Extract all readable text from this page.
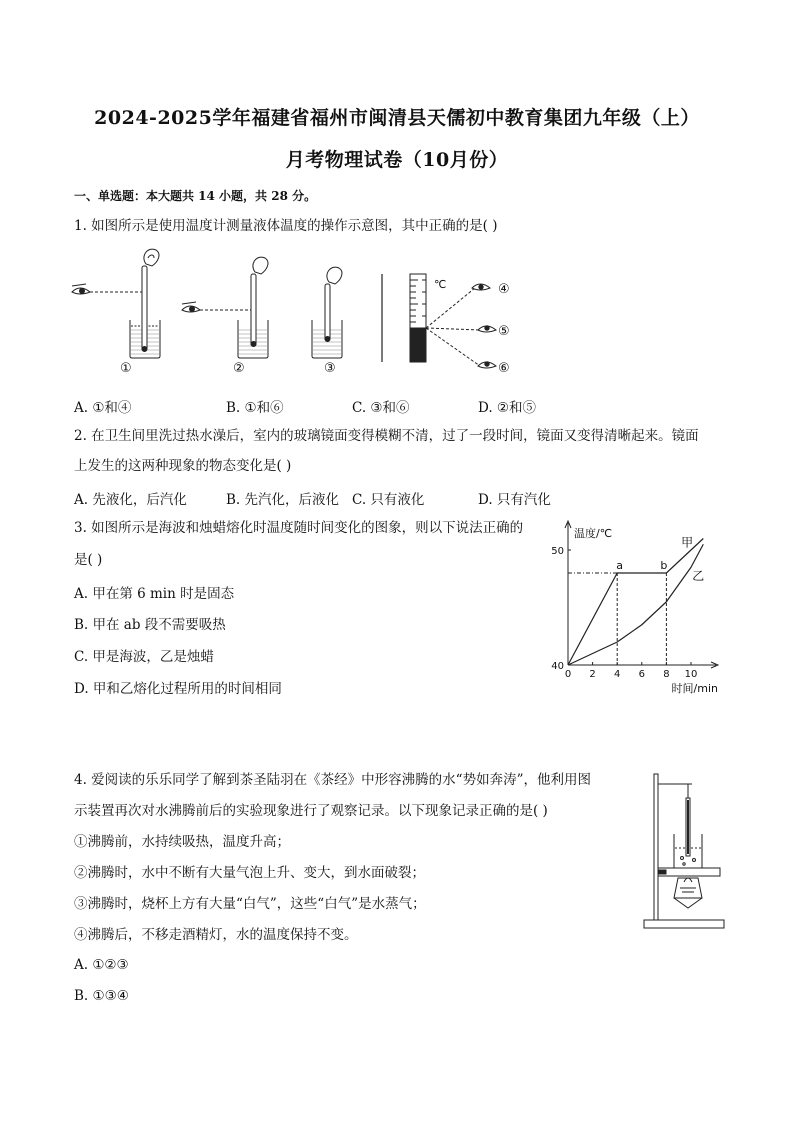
2024-2025学年福建省福州市闽清县天儒初中教育集团九年级（上）
月考物理试卷（10月份）
一、单选题：本大题共 14 小题，共 28 分。
1. 如图所示是使用温度计测量液体温度的操作示意图，其中正确的是( )
①	②	③
℃	④
⑤
⑥
A. ①和④	B. ①和⑥	C. ③和⑥	D. ②和⑤
2. 在卫生间里洗过热水澡后，室内的玻璃镜面变得模糊不清，过了一段时间，镜面又变得清晰起来。镜面
上发生的这两种现象的物态变化是( )
A. 先液化，后汽化	B. 先汽化，后液化 C. 只有液化	D. 只有汽化
3. 如图所示是海波和烛蜡熔化时温度随时间变化的图象，则以下说法正确的
是( )
A. 甲在第 6 min 时是固态
B. 甲在 ab 段不需要吸热
C. 甲是海波，乙是烛蜡
D. 甲和乙熔化过程所用的时间相同
0 2 4 6 8 10
40
50
温度/℃
时间/min
a	b
甲
乙
4. 爱阅读的乐乐同学了解到茶圣陆羽在《茶经》中形容沸腾的水“势如奔涛”，他利用图
示装置再次对水沸腾前后的实验现象进行了观察记录。以下现象记录正确的是( )
①沸腾前，水持续吸热，温度升高；
②沸腾时，水中不断有大量气泡上升、变大，到水面破裂；
③沸腾时，烧杯上方有大量“白气”，这些“白气”是水蒸气；
④沸腾后，不移走酒精灯，水的温度保持不变。
A. ①②③
B. ①③④
